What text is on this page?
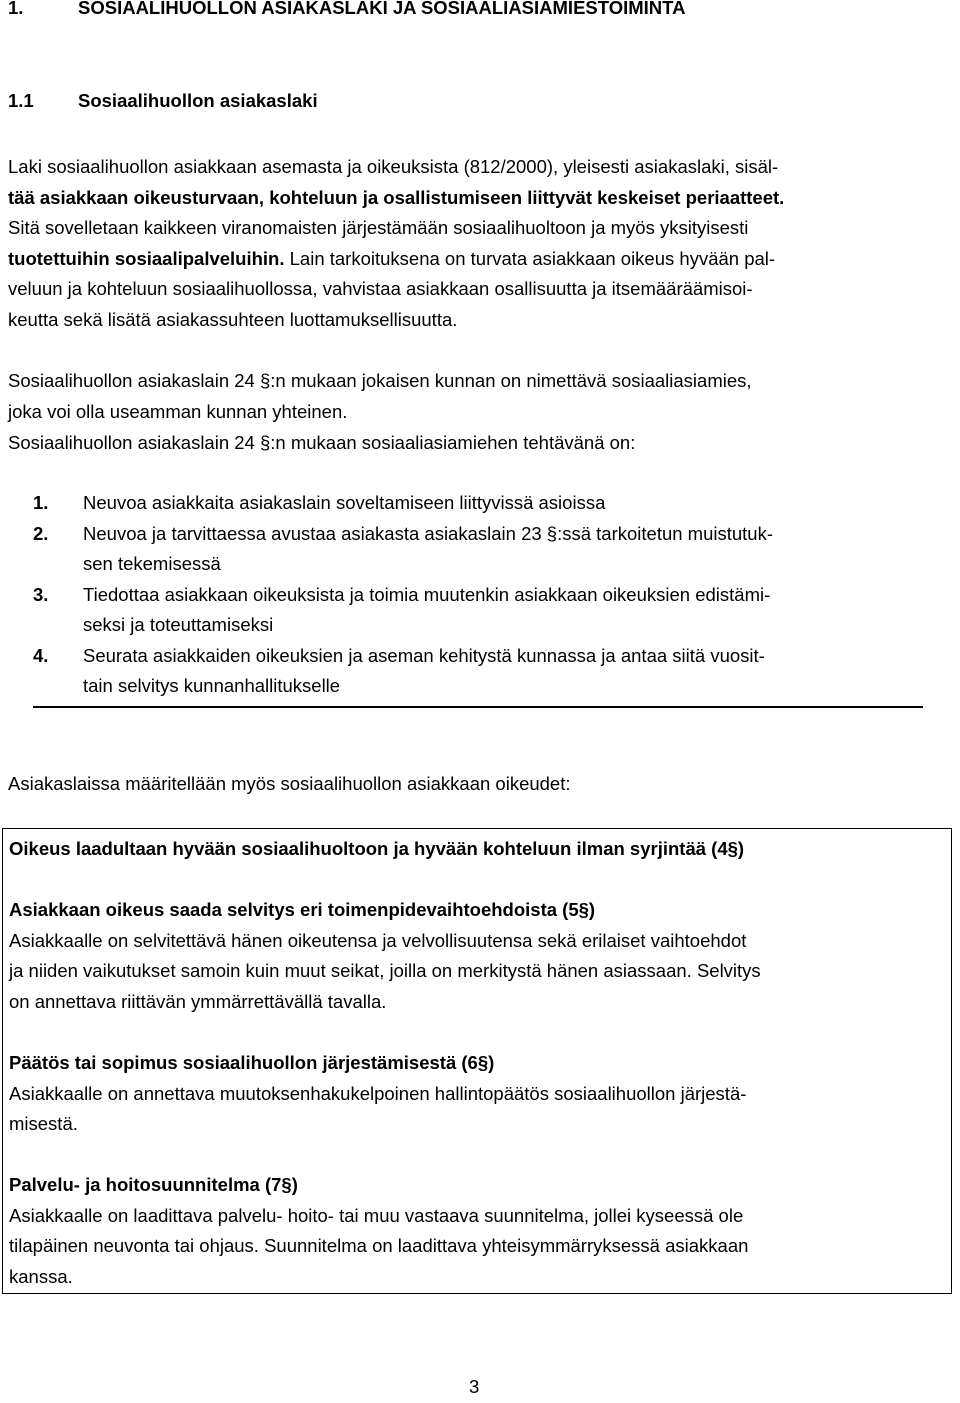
1.	SOSIAALIHUOLLON ASIAKASLAKI JA SOSIAALIASIAMIESTOIMINTA
1.1 Sosiaalihuollon asiakaslaki
Laki sosiaalihuollon asiakkaan asemasta ja oikeuksista (812/2000), yleisesti asiakaslaki, sisäl-
tää asiakkaan oikeusturvaan, kohteluun ja osallistumiseen liittyvät keskeiset periaatteet.
Sitä sovelletaan kaikkeen viranomaisten järjestämään sosiaalihuoltoon ja myös yksityisesti
tuotettuihin sosiaalipalveluihin. Lain tarkoituksena on turvata asiakkaan oikeus hyvään pal-
veluun ja kohteluun sosiaalihuollossa, vahvistaa asiakkaan osallisuutta ja itsemääräämisoi-
keutta sekä lisätä asiakassuhteen luottamuksellisuutta.
Sosiaalihuollon asiakaslain 24 §:n mukaan jokaisen kunnan on nimettävä sosiaaliasiamies,
joka voi olla useamman kunnan yhteinen.
Sosiaalihuollon asiakaslain 24 §:n mukaan sosiaaliasiamiehen tehtävänä on:
1. Neuvoa asiakkaita asiakaslain soveltamiseen liittyvissä asioissa
2. Neuvoa ja tarvittaessa avustaa asiakasta asiakaslain 23 §:ssä tarkoitetun muistutuk-
sen tekemisessä
3. Tiedottaa asiakkaan oikeuksista ja toimia muutenkin asiakkaan oikeuksien edistämi-
seksi ja toteuttamiseksi
4. Seurata asiakkaiden oikeuksien ja aseman kehitystä kunnassa ja antaa siitä vuosit-
tain selvitys kunnanhallitukselle
Asiakaslaissa määritellään myös sosiaalihuollon asiakkaan oikeudet:
Oikeus laadultaan hyvään sosiaalihuoltoon ja hyvään kohteluun ilman syrjintää (4§)
Asiakkaan oikeus saada selvitys eri toimenpidevaihtoehdoista (5§)
Asiakkaalle on selvitettävä hänen oikeutensa ja velvollisuutensa sekä erilaiset vaihtoehdot
ja niiden vaikutukset samoin kuin muut seikat, joilla on merkitystä hänen asiassaan. Selvitys
on annettava riittävän ymmärrettävällä tavalla.
Päätös tai sopimus sosiaalihuollon järjestämisestä (6§)
Asiakkaalle on annettava muutoksenhakukelpoinen hallintopäätös sosiaalihuollon järjestä-
misestä.
Palvelu- ja hoitosuunnitelma (7§)
Asiakkaalle on laadittava palvelu- hoito- tai muu vastaava suunnitelma, jollei kyseessä ole
tilapäinen neuvonta tai ohjaus. Suunnitelma on laadittava yhteisymmärryksessä asiakkaan
kanssa.
3
